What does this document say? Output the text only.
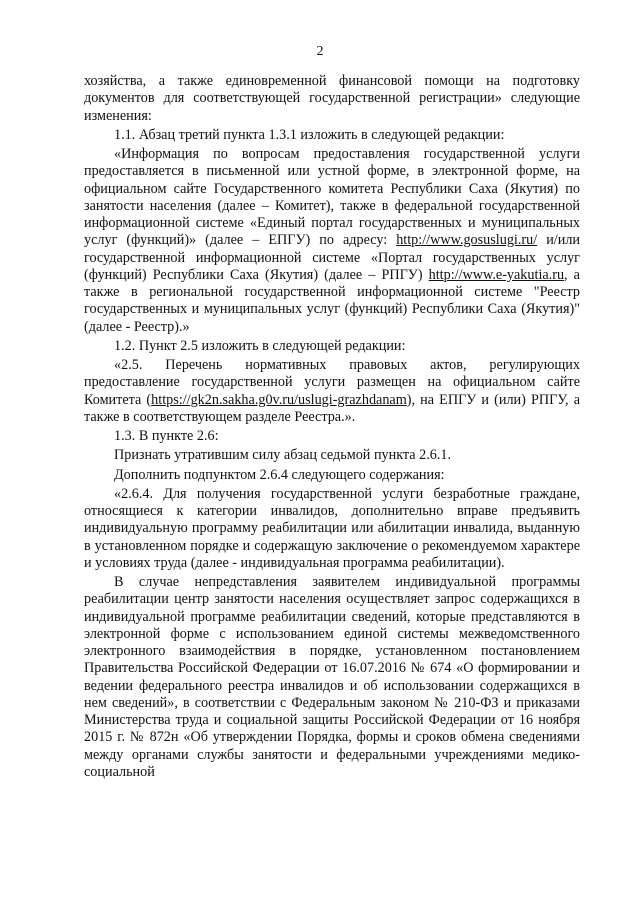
2

хозяйства, а также единовременной финансовой помощи на подготовку документов для соответствующей государственной регистрации» следующие изменения:

1.1. Абзац третий пункта 1.3.1 изложить в следующей редакции:

«Информация по вопросам предоставления государственной услуги предоставляется в письменной или устной форме, в электронной форме, на официальном сайте Государственного комитета Республики Саха (Якутия) по занятости населения (далее – Комитет), также в федеральной государственной информационной системе «Единый портал государственных и муниципальных услуг (функций)» (далее – ЕПГУ) по адресу: http://www.gosuslugi.ru/ и/или государственной информационной системе «Портал государственных услуг (функций) Республики Саха (Якутия) (далее – РПГУ) http://www.e-yakutia.ru, а также в региональной государственной информационной системе "Реестр государственных и муниципальных услуг (функций) Республики Саха (Якутия)" (далее - Реестр).»

1.2. Пункт 2.5 изложить в следующей редакции:

«2.5. Перечень нормативных правовых актов, регулирующих предоставление государственной услуги размещен на официальном сайте Комитета (https://gk2n.sakha.g0v.ru/uslugi-grazhdanam), на ЕПГУ и (или) РПГУ, а также в соответствующем разделе Реестра.».

1.3. В пункте 2.6:

Признать утратившим силу абзац седьмой пункта 2.6.1.

Дополнить подпунктом 2.6.4 следующего содержания:

«2.6.4. Для получения государственной услуги безработные граждане, относящиеся к категории инвалидов, дополнительно вправе предъявить индивидуальную программу реабилитации или абилитации инвалида, выданную в установленном порядке и содержащую заключение о рекомендуемом характере и условиях труда (далее - индивидуальная программа реабилитации).

В случае непредставления заявителем индивидуальной программы реабилитации центр занятости населения осуществляет запрос содержащихся в индивидуальной программе реабилитации сведений, которые представляются в электронной форме с использованием единой системы межведомственного электронного взаимодействия в порядке, установленном постановлением Правительства Российской Федерации от 16.07.2016 № 674 «О формировании и ведении федерального реестра инвалидов и об использовании содержащихся в нем сведений», в соответствии с Федеральным законом № 210-ФЗ и приказами Министерства труда и социальной защиты Российской Федерации от 16 ноября 2015 г. № 872н «Об утверждении Порядка, формы и сроков обмена сведениями между органами службы занятости и федеральными учреждениями медико-социальной
